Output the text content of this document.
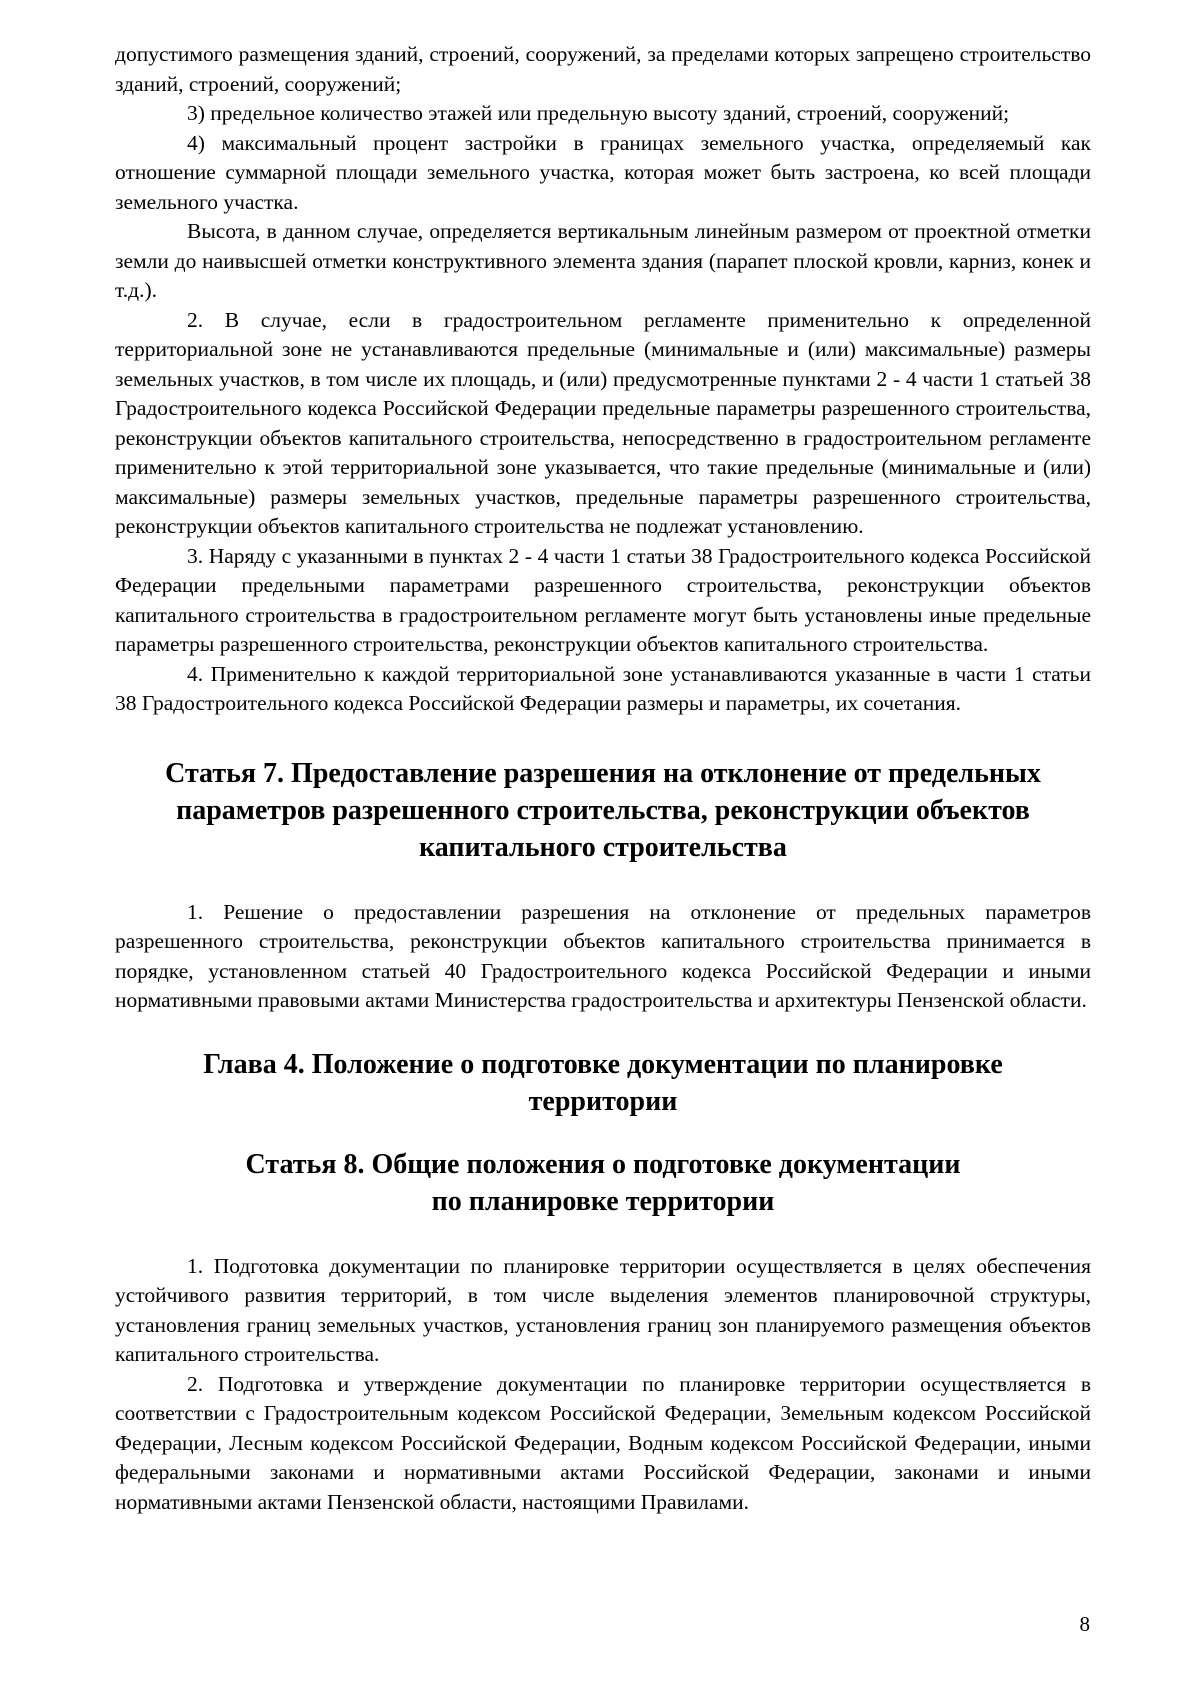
допустимого размещения зданий, строений, сооружений, за пределами которых запрещено строительство зданий, строений, сооружений;

3) предельное количество этажей или предельную высоту зданий, строений, сооружений;

4) максимальный процент застройки в границах земельного участка, определяемый как отношение суммарной площади земельного участка, которая может быть застроена, ко всей площади земельного участка.

Высота, в данном случае, определяется вертикальным линейным размером от проектной отметки земли до наивысшей отметки конструктивного элемента здания (парапет плоской кровли, карниз, конек и т.д.).

2. В случае, если в градостроительном регламенте применительно к определенной территориальной зоне не устанавливаются предельные (минимальные и (или) максимальные) размеры земельных участков, в том числе их площадь, и (или) предусмотренные пунктами 2 - 4 части 1 статьей 38 Градостроительного кодекса Российской Федерации предельные параметры разрешенного строительства, реконструкции объектов капитального строительства, непосредственно в градостроительном регламенте применительно к этой территориальной зоне указывается, что такие предельные (минимальные и (или) максимальные) размеры земельных участков, предельные параметры разрешенного строительства, реконструкции объектов капитального строительства не подлежат установлению.

3. Наряду с указанными в пунктах 2 - 4 части 1 статьи 38 Градостроительного кодекса Российской Федерации предельными параметрами разрешенного строительства, реконструкции объектов капитального строительства в градостроительном регламенте могут быть установлены иные предельные параметры разрешенного строительства, реконструкции объектов капитального строительства.

4. Применительно к каждой территориальной зоне устанавливаются указанные в части 1 статьи 38 Градостроительного кодекса Российской Федерации размеры и параметры, их сочетания.

Статья 7. Предоставление разрешения на отклонение от предельных
параметров разрешенного строительства, реконструкции объектов
капитального строительства

1. Решение о предоставлении разрешения на отклонение от предельных параметров разрешенного строительства, реконструкции объектов капитального строительства принимается в порядке, установленном статьей 40 Градостроительного кодекса Российской Федерации и иными нормативными правовыми актами Министерства градостроительства и архитектуры Пензенской области.

Глава 4. Положение о подготовке документации по планировке
территории
Статья 8. Общие положения о подготовке документации
по планировке территории

1. Подготовка документации по планировке территории осуществляется в целях обеспечения устойчивого развития территорий, в том числе выделения элементов планировочной структуры, установления границ земельных участков, установления границ зон планируемого размещения объектов капитального строительства.

2. Подготовка и утверждение документации по планировке территории осуществляется в соответствии с Градостроительным кодексом Российской Федерации, Земельным кодексом Российской Федерации, Лесным кодексом Российской Федерации, Водным кодексом Российской Федерации, иными федеральными законами и нормативными актами Российской Федерации, законами и иными нормативными актами Пензенской области, настоящими Правилами.

8
